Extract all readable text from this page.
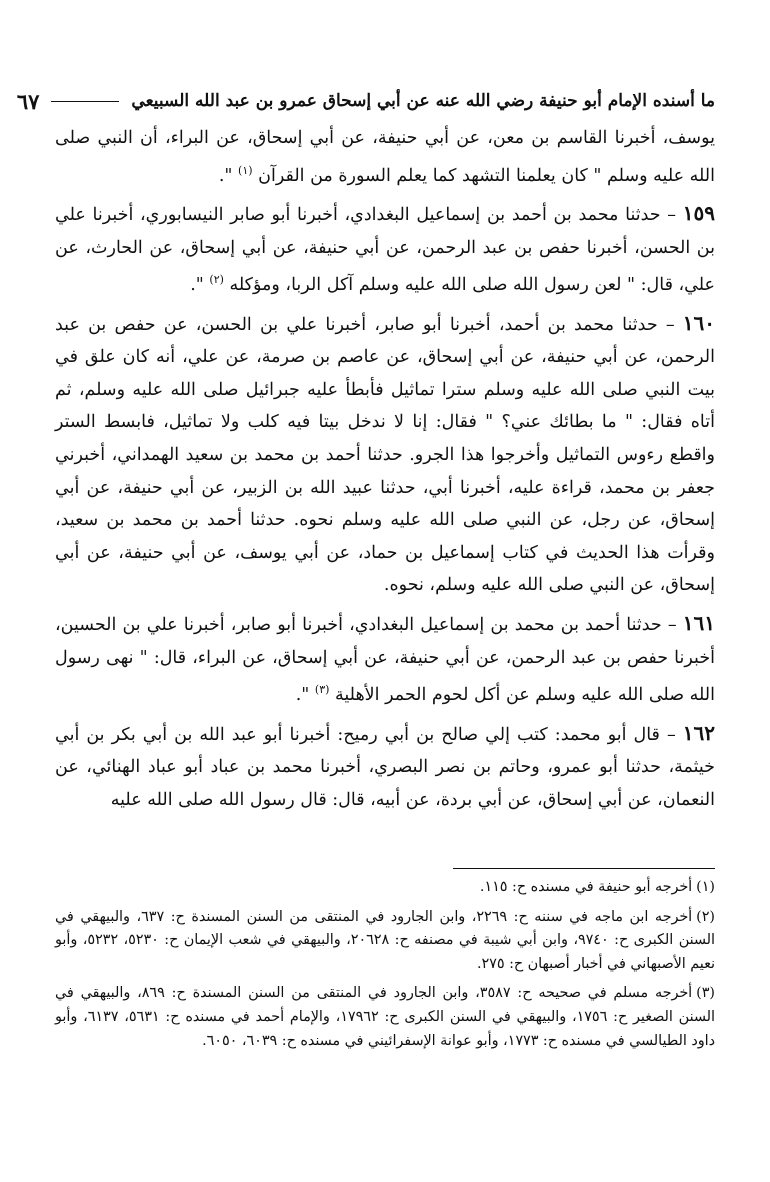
ما أسنده الإمام أبو حنيفة رضي الله عنه عن أبي إسحاق عمرو بن عبد الله السبيعي
٦٧

يوسف، أخبرنا القاسم بن معن، عن أبي حنيفة، عن أبي إسحاق، عن البراء، أن النبي صلى الله عليه وسلم " كان يعلمنا التشهد كما يعلم السورة من القرآن $^{(١)}$ ".

١٥٩ – حدثنا محمد بن أحمد بن إسماعيل البغدادي، أخبرنا أبو صابر النيسابوري، أخبرنا علي بن الحسن، أخبرنا حفص بن عبد الرحمن، عن أبي حنيفة، عن أبي إسحاق، عن الحارث، عن علي، قال: " لعن رسول الله صلى الله عليه وسلم آكل الربا، ومؤكله $^{(٢)}$ ".

١٦٠ – حدثنا محمد بن أحمد، أخبرنا أبو صابر، أخبرنا علي بن الحسن، عن حفص بن عبد الرحمن، عن أبي حنيفة، عن أبي إسحاق، عن عاصم بن صرمة، عن علي، أنه كان علق في بيت النبي صلى الله عليه وسلم سترا تماثيل فأبطأ عليه جبرائيل صلى الله عليه وسلم، ثم أتاه فقال: " ما بطائك عني؟ " فقال: إنا لا ندخل بيتا فيه كلب ولا تماثيل، فابسط الستر واقطع رءوس التماثيل وأخرجوا هذا الجرو. حدثنا أحمد بن محمد بن سعيد الهمداني، أخبرني جعفر بن محمد، قراءة عليه، أخبرنا أبي، حدثنا عبيد الله بن الزبير، عن أبي حنيفة، عن أبي إسحاق، عن رجل، عن النبي صلى الله عليه وسلم نحوه. حدثنا أحمد بن محمد بن سعيد، وقرأت هذا الحديث في كتاب إسماعيل بن حماد، عن أبي يوسف، عن أبي حنيفة، عن أبي إسحاق، عن النبي صلى الله عليه وسلم، نحوه.

١٦١ – حدثنا أحمد بن محمد بن إسماعيل البغدادي، أخبرنا أبو صابر، أخبرنا علي بن الحسين، أخبرنا حفص بن عبد الرحمن، عن أبي حنيفة، عن أبي إسحاق، عن البراء، قال: " نهى رسول الله صلى الله عليه وسلم عن أكل لحوم الحمر الأهلية $^{(٣)}$ ".

١٦٢ – قال أبو محمد: كتب إلي صالح بن أبي رميح: أخبرنا أبو عبد الله بن أبي بكر بن أبي خيثمة، حدثنا أبو عمرو، وحاتم بن نصر البصري، أخبرنا محمد بن عباد أبو عباد الهنائي، عن النعمان، عن أبي إسحاق، عن أبي بردة، عن أبيه، قال: قال رسول الله صلى الله عليه

(١)أخرجه أبو حنيفة في مسنده ح: ١١٥.

(٢)أخرجه ابن ماجه في سننه ح: ٢٢٦٩، وابن الجارود في المنتقى من السنن المسندة ح: ٦٣٧، والبيهقي في السنن الكبرى ح: ٩٧٤٠، وابن أبي شيبة في مصنفه ح: ٢٠٦٢٨، والبيهقي في شعب الإيمان ح: ٥٢٣٠، ٥٢٣٢، وأبو نعيم الأصبهاني في أخبار أصبهان ح: ٢٧٥.

(٣)أخرجه مسلم في صحيحه ح: ٣٥٨٧، وابن الجارود في المنتقى من السنن المسندة ح: ٨٦٩، والبيهقي في السنن الصغير ح: ١٧٥٦، والبيهقي في السنن الكبرى ح: ١٧٩٦٢، والإمام أحمد في مسنده ح: ٥٦٣١، ٦١٣٧، وأبو داود الطيالسي في مسنده ح: ١٧٧٣، وأبو عوانة الإسفرائيني في مسنده ح: ٦٠٣٩، ٦٠٥٠.
